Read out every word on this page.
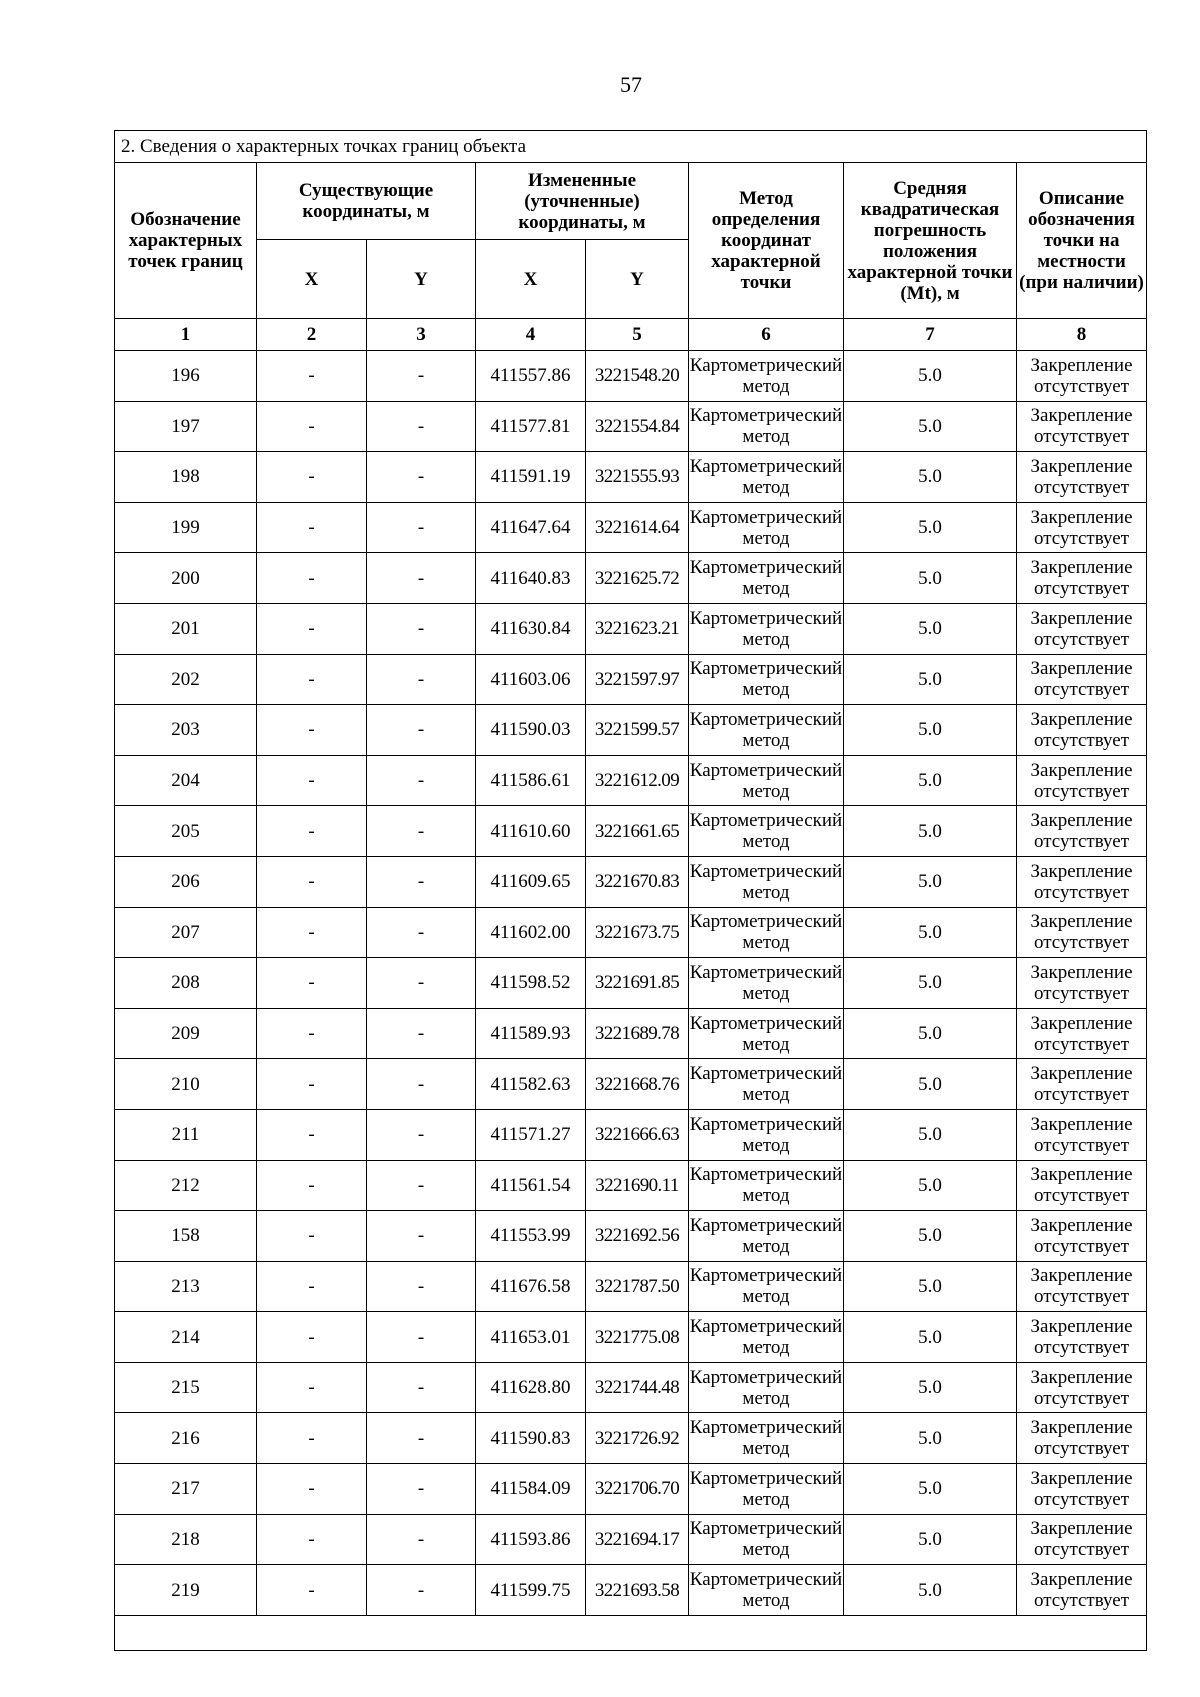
57
2. Сведения о характерных точках границ объекта							
Обозначение характерных точек границ	Существующие координаты, м		Измененные (уточненные) координаты, м		Метод определения координат характерной точки	Средняя квадратическая погрешность положения характерной точки (Mt), м	Описание обозначения точки на местности (при наличии)
	X	Y	X	Y			
1	2	3	4	5	6	7	8
196	-	-	411557.86	3221548.20	Картометрический метод	5.0	Закрепление отсутствует
197	-	-	411577.81	3221554.84	Картометрический метод	5.0	Закрепление отсутствует
198	-	-	411591.19	3221555.93	Картометрический метод	5.0	Закрепление отсутствует
199	-	-	411647.64	3221614.64	Картометрический метод	5.0	Закрепление отсутствует
200	-	-	411640.83	3221625.72	Картометрический метод	5.0	Закрепление отсутствует
201	-	-	411630.84	3221623.21	Картометрический метод	5.0	Закрепление отсутствует
202	-	-	411603.06	3221597.97	Картометрический метод	5.0	Закрепление отсутствует
203	-	-	411590.03	3221599.57	Картометрический метод	5.0	Закрепление отсутствует
204	-	-	411586.61	3221612.09	Картометрический метод	5.0	Закрепление отсутствует
205	-	-	411610.60	3221661.65	Картометрический метод	5.0	Закрепление отсутствует
206	-	-	411609.65	3221670.83	Картометрический метод	5.0	Закрепление отсутствует
207	-	-	411602.00	3221673.75	Картометрический метод	5.0	Закрепление отсутствует
208	-	-	411598.52	3221691.85	Картометрический метод	5.0	Закрепление отсутствует
209	-	-	411589.93	3221689.78	Картометрический метод	5.0	Закрепление отсутствует
210	-	-	411582.63	3221668.76	Картометрический метод	5.0	Закрепление отсутствует
211	-	-	411571.27	3221666.63	Картометрический метод	5.0	Закрепление отсутствует
212	-	-	411561.54	3221690.11	Картометрический метод	5.0	Закрепление отсутствует
158	-	-	411553.99	3221692.56	Картометрический метод	5.0	Закрепление отсутствует
213	-	-	411676.58	3221787.50	Картометрический метод	5.0	Закрепление отсутствует
214	-	-	411653.01	3221775.08	Картометрический метод	5.0	Закрепление отсутствует
215	-	-	411628.80	3221744.48	Картометрический метод	5.0	Закрепление отсутствует
216	-	-	411590.83	3221726.92	Картометрический метод	5.0	Закрепление отсутствует
217	-	-	411584.09	3221706.70	Картометрический метод	5.0	Закрепление отсутствует
218	-	-	411593.86	3221694.17	Картометрический метод	5.0	Закрепление отсутствует
219	-	-	411599.75	3221693.58	Картометрический метод	5.0	Закрепление отсутствует
